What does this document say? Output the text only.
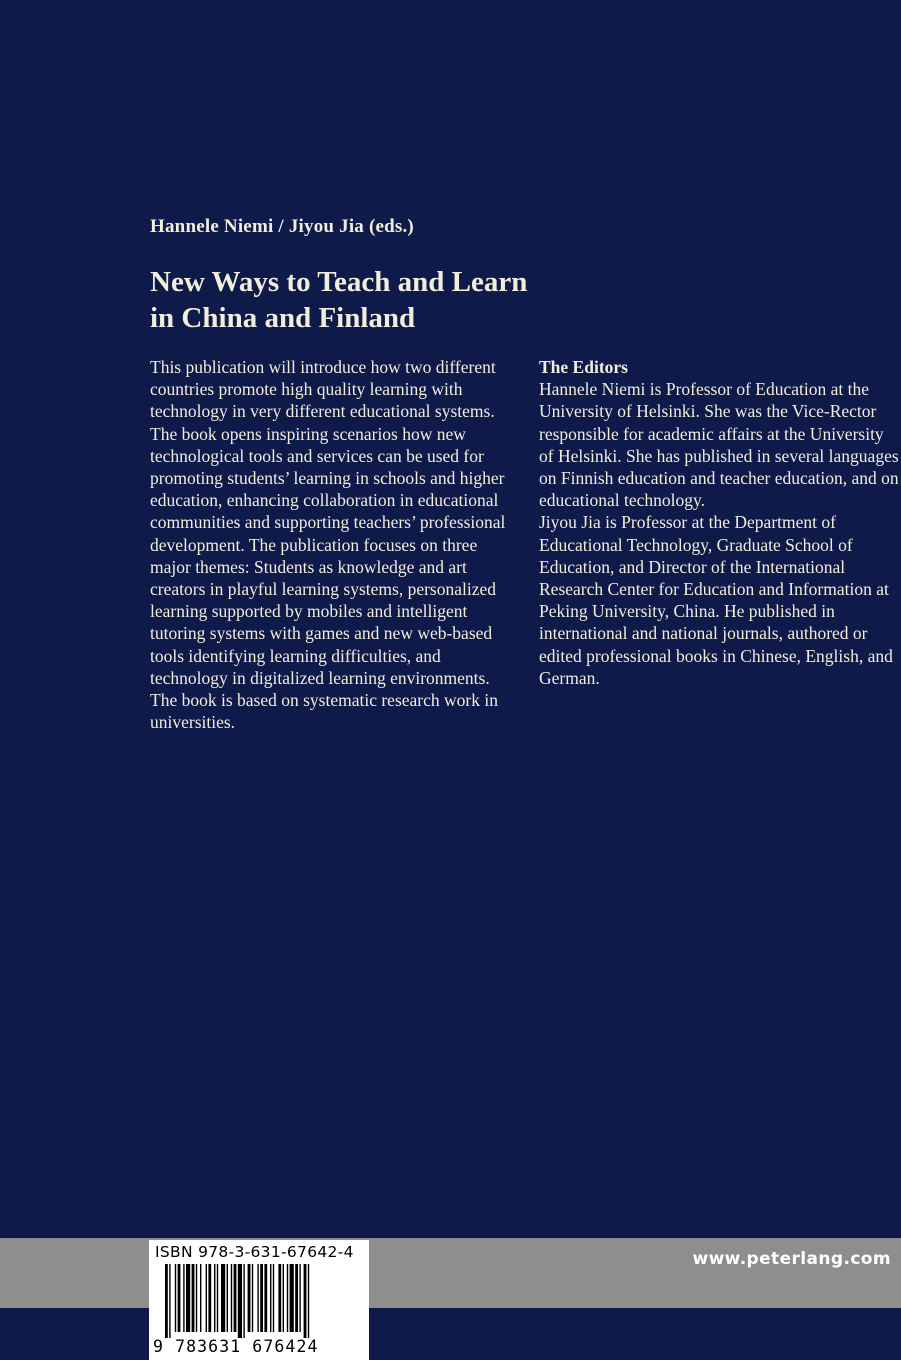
Hannele Niemi / Jiyou Jia (eds.)
New Ways to Teach and Learn
in China and Finland
This publication will introduce how two different countries promote high quality learning with technology in very different educational systems. The book opens inspiring scenarios how new technological tools and services can be used for promoting students’ learning in schools and higher education, enhancing collaboration in educational communities and supporting teachers’ professional development. The publication focuses on three major themes: Students as knowledge and art creators in playful learning systems, personalized learning supported by mobiles and intelligent tutoring systems with games and new web-based tools identifying learning difficulties, and technology in digitalized learning environments. The book is based on systematic research work in universities.
The Editors

Hannele Niemi is Professor of Education at the University of Helsinki. She was the Vice-Rector responsible for academic affairs at the University of Helsinki. She has published in several languages on Finnish education and teacher education, and on educational technology.

Jiyou Jia is Professor at the Department of Educational Technology, Graduate School of Education, and Director of the International Research Center for Education and Information at Peking University, China. He published in international and national journals, authored or edited professional books in Chinese, English, and German.

www.peterlang.com
ISBN 978-3-631-67642-4
9 783631 676424
